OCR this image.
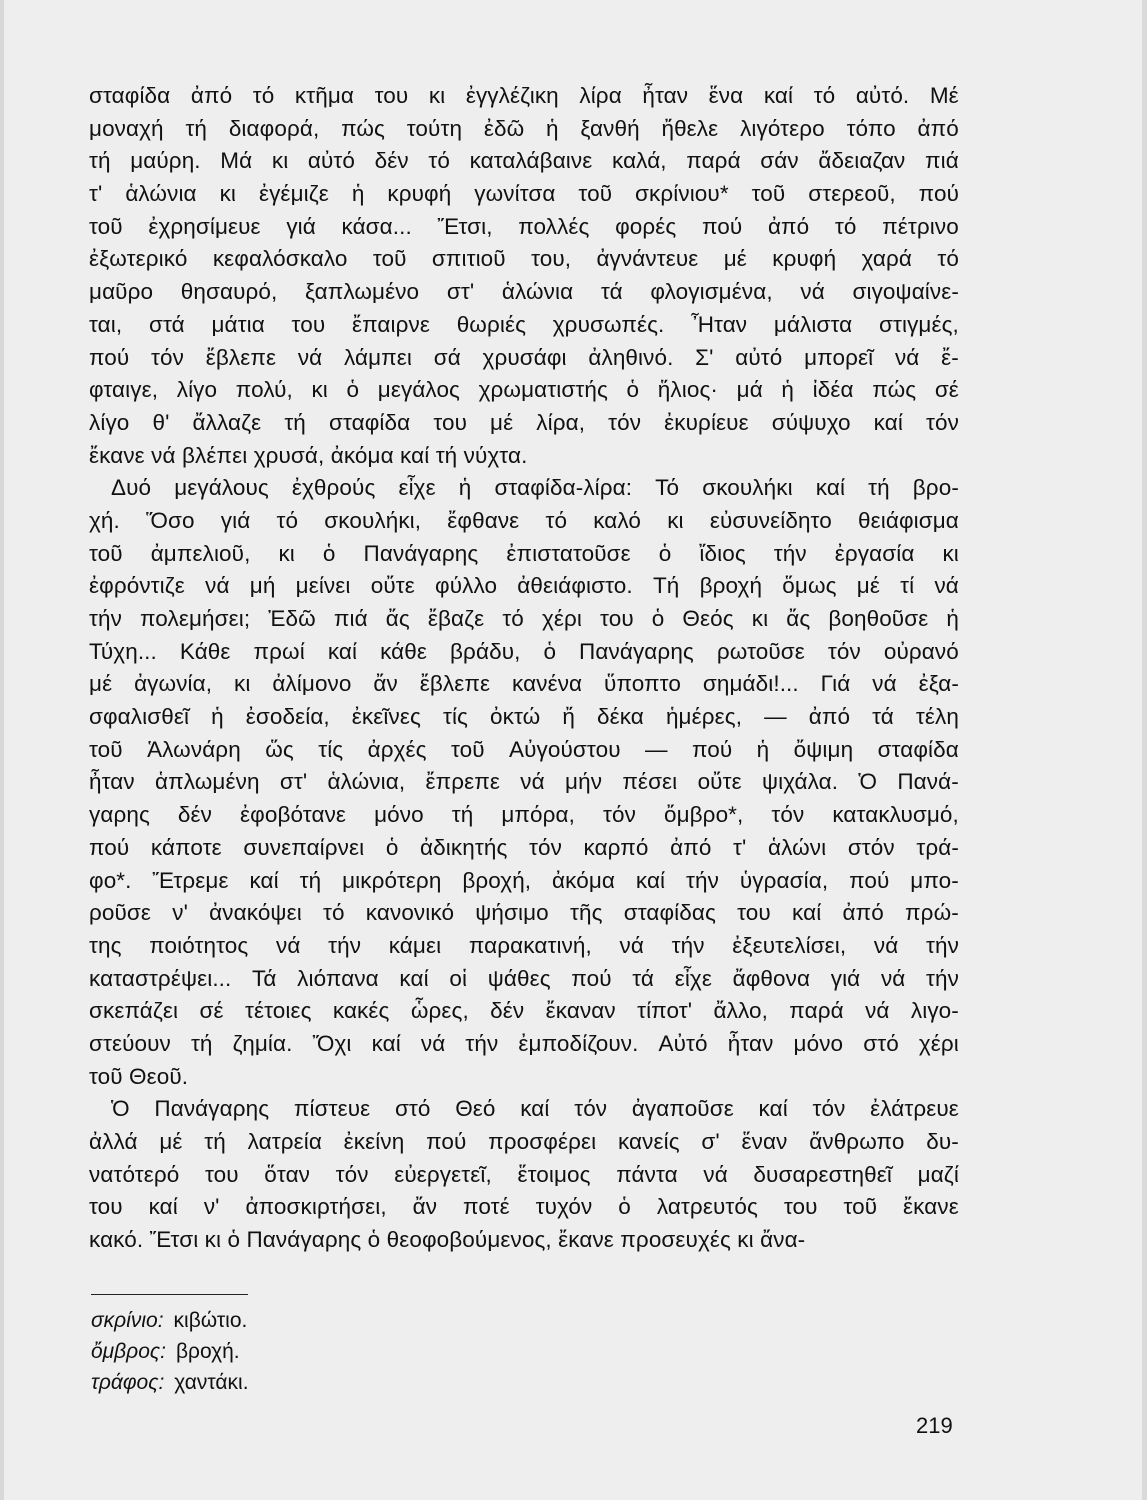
σταφίδα ἀπό τό κτῆμα του κι ἐγγλέζικη λίρα ἦταν ἕνα καί τό αὐτό. Μέ
μοναχή τή διαφορά, πώς τούτη ἐδῶ ἡ ξανθή ἤθελε λιγότερο τόπο ἀπό
τή μαύρη. Μά κι αὐτό δέν τό καταλάβαινε καλά, παρά σάν ἄδειαζαν πιά
τ' ἁλώνια κι ἐγέμιζε ἡ κρυφή γωνίτσα τοῦ σκρίνιου* τοῦ στερεοῦ, πού
τοῦ ἐχρησίμευε γιά κάσα... Ἔτσι, πολλές φορές πού ἀπό τό πέτρινο
ἐξωτερικό κεφαλόσκαλο τοῦ σπιτιοῦ του, ἀγνάντευε μέ κρυφή χαρά τό
μαῦρο θησαυρό, ξαπλωμένο στ' ἁλώνια τά φλογισμένα, νά σιγοψαίνε-
ται, στά μάτια του ἔπαιρνε θωριές χρυσωπές. Ἦταν μάλιστα στιγμές,
πού τόν ἔβλεπε νά λάμπει σά χρυσάφι ἀληθινό. Σ' αὐτό μπορεῖ νά ἔ-
φταιγε, λίγο πολύ, κι ὁ μεγάλος χρωματιστής ὁ ἥλιος· μά ἡ ἰδέα πώς σέ
λίγο θ' ἄλλαζε τή σταφίδα του μέ λίρα, τόν ἐκυρίευε σύψυχο καί τόν
ἔκανε νά βλέπει χρυσά, ἀκόμα καί τή νύχτα.
Δυό μεγάλους ἐχθρούς εἶχε ἡ σταφίδα-λίρα: Τό σκουλήκι καί τή βρο-
χή. Ὅσο γιά τό σκουλήκι, ἔφθανε τό καλό κι εὐσυνείδητο θειάφισμα
τοῦ ἀμπελιοῦ, κι ὁ Πανάγαρης ἐπιστατοῦσε ὁ ἴδιος τήν ἐργασία κι
ἐφρόντιζε νά μή μείνει οὔτε φύλλο ἀθειάφιστο. Τή βροχή ὅμως μέ τί νά
τήν πολεμήσει; Ἐδῶ πιά ἄς ἔβαζε τό χέρι του ὁ Θεός κι ἄς βοηθοῦσε ἡ
Τύχη... Κάθε πρωί καί κάθε βράδυ, ὁ Πανάγαρης ρωτοῦσε τόν οὐρανό
μέ ἀγωνία, κι ἀλίμονο ἄν ἔβλεπε κανένα ὕποπτο σημάδι!... Γιά νά ἐξα-
σφαλισθεῖ ἡ ἐσοδεία, ἐκεῖνες τίς ὀκτώ ἤ δέκα ἡμέρες, — ἀπό τά τέλη
τοῦ Ἁλωνάρη ὥς τίς ἀρχές τοῦ Αὐγούστου — πού ἡ ὄψιμη σταφίδα
ἦταν ἁπλωμένη στ' ἁλώνια, ἔπρεπε νά μήν πέσει οὔτε ψιχάλα. Ὁ Πανά-
γαρης δέν ἐφοβότανε μόνο τή μπόρα, τόν ὄμβρο*, τόν κατακλυσμό,
πού κάποτε συνεπαίρνει ὁ ἀδικητής τόν καρπό ἀπό τ' ἁλώνι στόν τρά-
φο*. Ἔτρεμε καί τή μικρότερη βροχή, ἀκόμα καί τήν ὑγρασία, πού μπο-
ροῦσε ν' ἀνακόψει τό κανονικό ψήσιμο τῆς σταφίδας του καί ἀπό πρώ-
της ποιότητος νά τήν κάμει παρακατινή, νά τήν ἐξευτελίσει, νά τήν
καταστρέψει... Τά λιόπανα καί οἱ ψάθες πού τά εἶχε ἄφθονα γιά νά τήν
σκεπάζει σέ τέτοιες κακές ὧρες, δέν ἔκαναν τίποτ' ἄλλο, παρά νά λιγο-
στεύουν τή ζημία. Ὄχι καί νά τήν ἐμποδίζουν. Αὐτό ἦταν μόνο στό χέρι
τοῦ Θεοῦ.
Ὁ Πανάγαρης πίστευε στό Θεό καί τόν ἀγαποῦσε καί τόν ἐλάτρευε
ἀλλά μέ τή λατρεία ἐκείνη πού προσφέρει κανείς σ' ἕναν ἄνθρωπο δυ-
νατότερό του ὅταν τόν εὐεργετεῖ, ἕτοιμος πάντα νά δυσαρεστηθεῖ μαζί
του καί ν' ἀποσκιρτήσει, ἄν ποτέ τυχόν ὁ λατρευτός του τοῦ ἔκανε
κακό. Ἔτσι κι ὁ Πανάγαρης ὁ θεοφοβούμενος, ἔκανε προσευχές κι ἄνα-
σκρίνιο: κιβώτιο.
ὄμβρος: βροχή.
τράφος: χαντάκι.
219
